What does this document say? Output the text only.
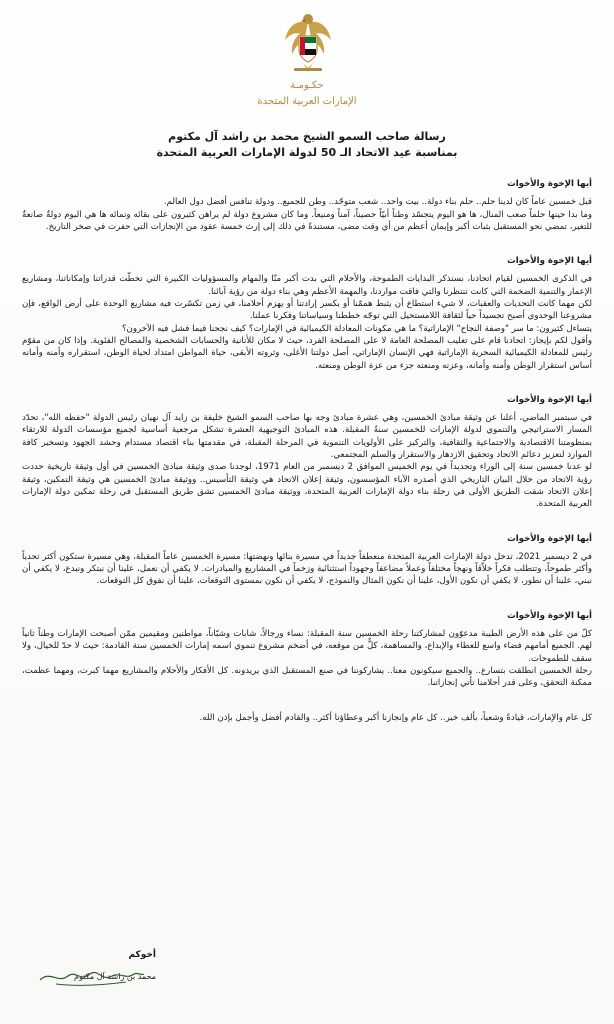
حكـومـة
الإمارات العربية المتحدة
رسالة صاحب السمو الشيخ محمد بن راشد آل مكتوم
بمناسبة عيد الاتحاد الـ 50 لدولة الإمارات العربية المتحدة
أيها الإخوة والأخوات

قبل خمسين عاماً كان لدينا حلم.. حلم بناء دولة.. بيت واحد.. شعب متوحّد.. وطن للجميع.. ودولة تنافس أفضل دول العالم.

وما بدا حينها حلماً صعب المنال، ها هو اليوم يتجسّد وطناً أبيّاً حصيناً، آمناً ومنيعاً. وما كان مشروع دولة لم يراهن كثيرون على بقائه ونمائه ها هي اليوم دولةٌ صانعةٌ للتغير، تمضي نحو المستقبل بثبات أكبر وإيمان أعظم من أي وقت مضى، مستندةً في ذلك إلى إرث خمسة عقود من الإنجازات التي حفرت في صخر التاريخ.

أيها الإخوة والأخوات

في الذكرى الخمسين لقيام اتحادنا، نستذكر البدايات الطموحة، والأحلام التي بدت أكبر منّا والمهام والمسؤوليات الكبيرة التي تخطّت قدراتنا وإمكاناتنا، ومشاريع الإعمار والتنمية الضخمة التي كانت تنتظرنا والتي فاقت مواردنا، والمهمة الأعظم وهي بناء دولة من رؤية آبائنا.

لكن مهما كانت التحديات والعقبات، لا شيء استطاع أن يثبط هممّنا أو يكسر إرادتنا أو يهزم أحلامنا، في زمن تكسّرت فيه مشاريع الوحدة على أرض الواقع، فإن مشروعنا الوحدوي أصبح تجسيداً حياً لثقافة اللامستحيل التي توجّه خططنا وسياساتنا وفكرنا عملنا.

يتساءل كثيرون: ما سر "وصفة النجاح" الإماراتية؟ ما هي مكونات المعادلة الكيميائية في الإمارات؟ كيف نجحنا فيما فشل فيه الآخرون؟

وأقول لكم بإيجاز: اتحادنا قام على تغليب المصلحة العامة لا على المصلحة الفرد، حيث لا مكان للأنانية والحسابات الشخصية والمصالح الفئوية. وإذا كان من مقوّم رئيس للمعادلة الكيميائية السحرية الإماراتية فهي الإنسان الإماراتي، أصل دولتنا الأغلى، وثروته الأبقى، حياة المواطن امتداد لحياة الوطن، استقراره وأمنه وأمانه أساس استقرار الوطن وأمنه وأمانه، وعزته ومنعته جزء من عزة الوطن ومنعته.

أيها الإخوة والأخوات

في سبتمبر الماضي، أعلنا عن وثيقة مبادئ الخمسين، وهي عشرة مبادئ وجه بها صاحب السمو الشيخ خليفة بن زايد آل نهيان رئيس الدولة "حفظه الله"، تحدّد المسار الاستراتيجي والتنموي لدولة الإمارات للخمسين سنةً المقبلة. هذه المبادئ التوجيهية العشرة تشكل مرجعية أساسية لجميع مؤسسات الدولة للارتقاء بمنظومتنا الاقتصادية والاجتماعية والثقافية، والتركيز على الأولويات التنموية في المرحلة المقبلة، في مقدمتها بناء اقتصاد مستدام وحشد الجهود وتسخير كافة الموارد لتعزيز دعائم الاتحاد وتحقيق الازدهار والاستقرار والسلم المجتمعي.

لو عدنا خمسين سنة إلى الوراء وتحديداً في يوم الخميس الموافق 2 ديسمبر من العام 1971، لوجدنا صدى وثيقة مبادئ الخمسين في أول وثيقة تاريخية حددت رؤية الاتحاد من خلال البيان التاريخي الذي أصدره الآباء المؤسسون، وثيقة إعلان الاتحاد هي وثيقة التأسيس.. ووثيقة مبادئ الخمسين هي وثيقة التمكين، وثيقة إعلان الاتحاد شقت الطريق الأولى في رحلة بناء دولة الإمارات العربية المتحدة، ووثيقة مبادئ الخمسين تشق طريق المستقبل في رحلة تمكين دولة الإمارات العربية المتحدة.

أيها الإخوة والأخوات

في 2 ديسمبر 2021، تدخل دولة الإمارات العربية المتحدة منعطفاً جديداً في مسيرة بنائها ونهضتها: مسيرة الخمسين عاماً المقبلة، وهي مسيرة ستكون أكثر تحدياً وأكثر طموحاً، وتتطلب فكراً خلاّقاً ونهجاً مختلفاً وعملاً مضاعفاً وجهوداً استثنائية وزخماً في المشاريع والمبادرات. لا يكفي أن نعمل، علينا أن نبتكر ونبدع، لا يكفي أن نبني، علينا أن نطور، لا يكفي أن نكون الأول، علينا أن نكون المثال والنموذج، لا يكفي أن نكون بمستوى التوقعات، علينا أن نفوق كل التوقعات.

أيها الإخوة والأخوات

كلّ من على هذه الأرض الطيبة مدعوّون لمشاركتنا رحلة الخمسين سنة المقبلة: نساء ورجالاً، شابات وشبّاناً، مواطنين ومقيمين ممّن أصبحت الإمارات وطناً ثانياً لهم. الجميع أمامهم فضاء واسع للعطاء والإبداع، والمساهمة، كلٌّ من موقعه، في أضخم مشروع تنموي اسمه إمارات الخمسين سنة القادمة: حيث لا حدّ للخيال، ولا سقف للطموحات.

رحلة الخمسين انطلقت بتسارع.. والجميع سيكونون معنا.. يشاركوننا في صنع المستقبل الذي يريدونه. كل الأفكار والأحلام والمشاريع مهما كبرت، ومهما عظمت، ممكنة التحقق، وعلى قدر أحلامنا تأتي إنجازاتنا.

كل عام والإمارات، قيادةً وشعباً، بألف خير.. كل عام وإنجازنا أكبر وعطاؤنا أكثر.. والقادم أفضل وأجمل بإذن الله.

أخوكم
محمد بن راشد آل مكتوم
